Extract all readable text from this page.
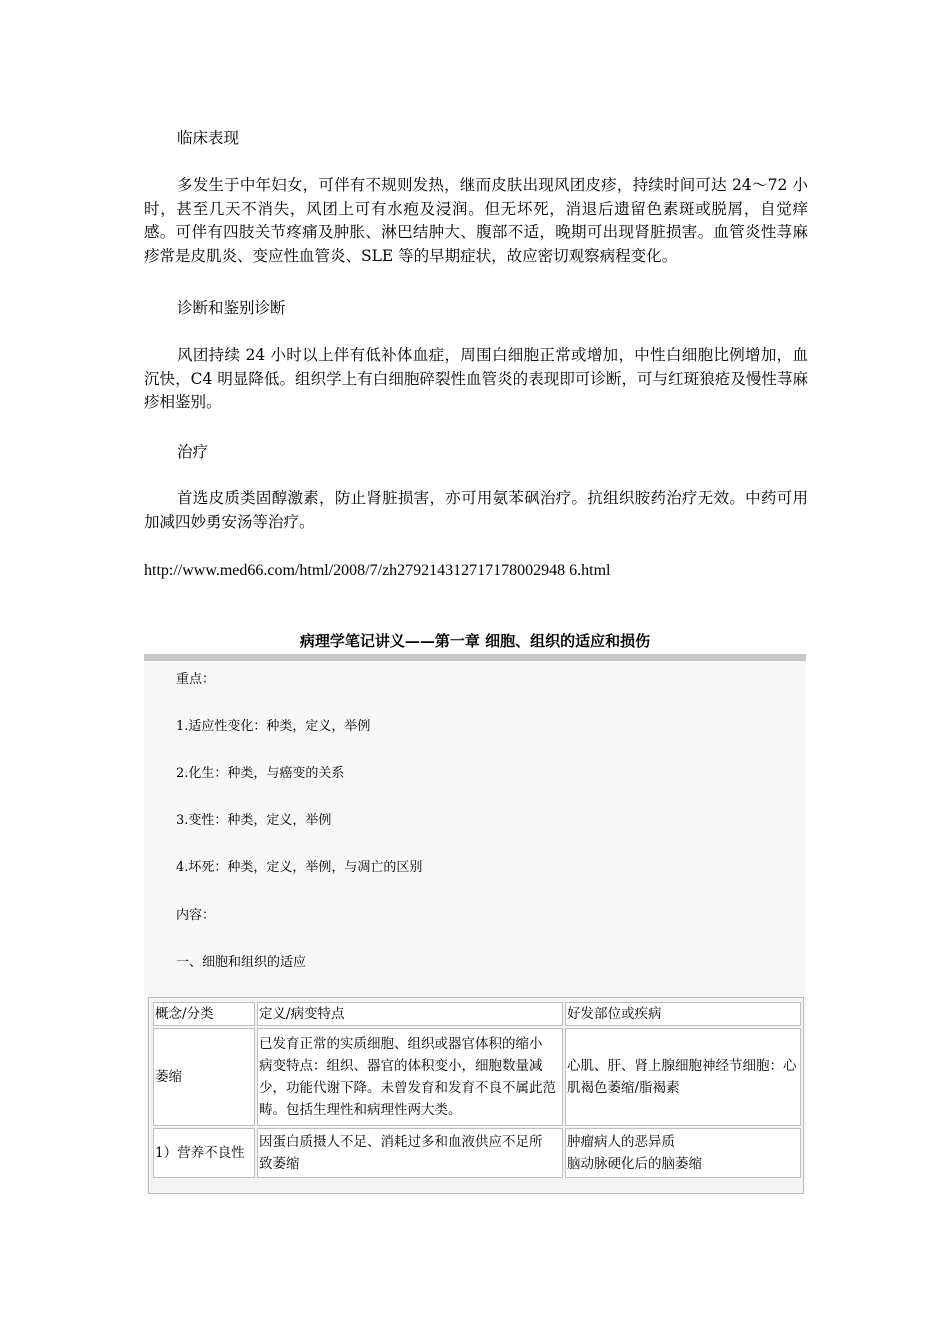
临床表现

多发生于中年妇女，可伴有不规则发热，继而皮肤出现风团皮疹，持续时间可达 24～72 小时，甚至几天不消失，风团上可有水疱及浸润。但无坏死，消退后遗留色素斑或脱屑，自觉痒感。可伴有四肢关节疼痛及肿胀、淋巴结肿大、腹部不适，晚期可出现肾脏损害。血管炎性荨麻疹常是皮肌炎、变应性血管炎、SLE 等的早期症状，故应密切观察病程变化。

诊断和鉴别诊断

风团持续 24 小时以上伴有低补体血症，周围白细胞正常或增加，中性白细胞比例增加，血沉快，C4 明显降低。组织学上有白细胞碎裂性血管炎的表现即可诊断，可与红斑狼疮及慢性荨麻疹相鉴别。

治疗

首选皮质类固醇激素，防止肾脏损害，亦可用氨苯砜治疗。抗组织胺药治疗无效。中药可用加减四妙勇安汤等治疗。

http://www.med66.com/html/2008/7/zh279214312717178002948 6.html

病理学笔记讲义——第一章 细胞、组织的适应和损伤
重点：
1.适应性变化：种类，定义，举例
2.化生：种类，与癌变的关系
3.变性：种类，定义，举例
4.坏死：种类，定义，举例，与凋亡的区别
内容：
一、细胞和组织的适应
概念/分类	定义/病变特点	好发部位或疾病
萎缩	已发育正常的实质细胞、组织或器官体积的缩小
病变特点：组织、器官的体积变小，细胞数量减
少，功能代谢下降。未曾发育和发育不良不属此范
畴。包括生理性和病理性两大类。	心肌、肝、肾上腺细胞神经节细胞：心
肌褐色萎缩/脂褐素

1）营养不良性	因蛋白质摄人不足、消耗过多和血液供应不足所
致萎缩	肿瘤病人的恶异质
脑动脉硬化后的脑萎缩
